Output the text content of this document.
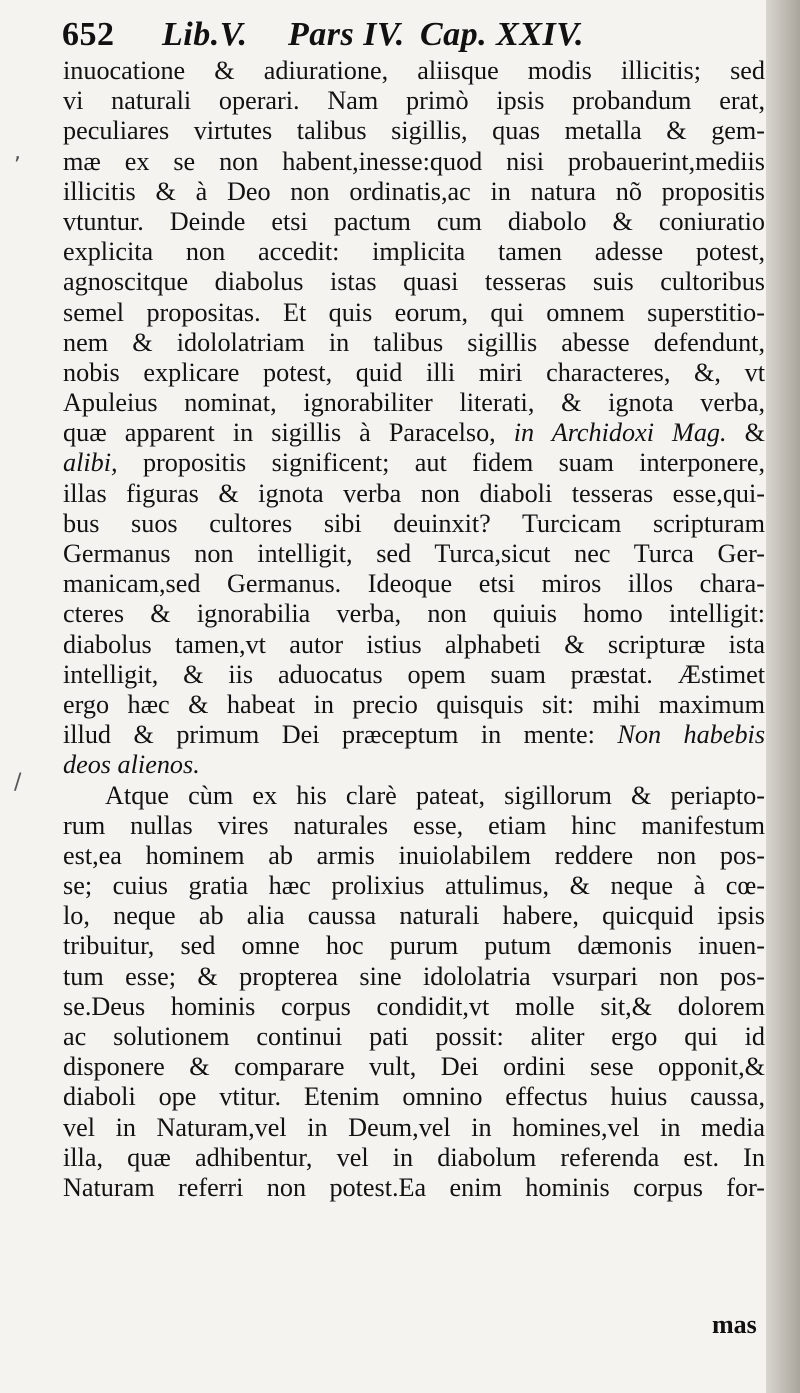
652 Lib.V. Pars IV. Cap. XXIV.
inuocatione & adiuratione, aliisque modis illicitis; sed
vi naturali operari. Nam primò ipsis probandum erat,
peculiares virtutes talibus sigillis, quas metalla & gem-
mæ ex se non habent,inesse:quod nisi probauerint,mediis
illicitis & à Deo non ordinatis,ac in natura nõ propositis
vtuntur. Deinde etsi pactum cum diabolo & coniuratio
explicita non accedit: implicita tamen adesse potest,
agnoscitque diabolus istas quasi tesseras suis cultoribus
semel propositas. Et quis eorum, qui omnem superstitio-
nem & idololatriam in talibus sigillis abesse defendunt,
nobis explicare potest, quid illi miri characteres, &, vt
Apuleius nominat, ignorabiliter literati, & ignota verba,
quæ apparent in sigillis à Paracelso, in Archidoxi Mag. &
alibi, propositis significent; aut fidem suam interponere,
illas figuras & ignota verba non diaboli tesseras esse,qui-
bus suos cultores sibi deuinxit? Turcicam scripturam
Germanus non intelligit, sed Turca,sicut nec Turca Ger-
manicam,sed Germanus. Ideoque etsi miros illos chara-
cteres & ignorabilia verba, non quiuis homo intelligit:
diabolus tamen,vt autor istius alphabeti & scripturæ ista
intelligit, & iis aduocatus opem suam præstat. Æstimet
ergo hæc & habeat in precio quisquis sit: mihi maximum
illud & primum Dei præceptum in mente: Non habebis
deos alienos.
Atque cùm ex his clarè pateat, sigillorum & periapto-
rum nullas vires naturales esse, etiam hinc manifestum
est,ea hominem ab armis inuiolabilem reddere non pos-
se; cuius gratia hæc prolixius attulimus, & neque à cœ-
lo, neque ab alia caussa naturali habere, quicquid ipsis
tribuitur, sed omne hoc purum putum dæmonis inuen-
tum esse; & propterea sine idololatria vsurpari non pos-
se.Deus hominis corpus condidit,vt molle sit,& dolorem
ac solutionem continui pati possit: aliter ergo qui id
disponere & comparare vult, Dei ordini sese opponit,&
diaboli ope vtitur. Etenim omnino effectus huius caussa,
vel in Naturam,vel in Deum,vel in homines,vel in media
illa, quæ adhibentur, vel in diabolum referenda est. In
Naturam referri non potest.Ea enim hominis corpus for-
mas
,
/
